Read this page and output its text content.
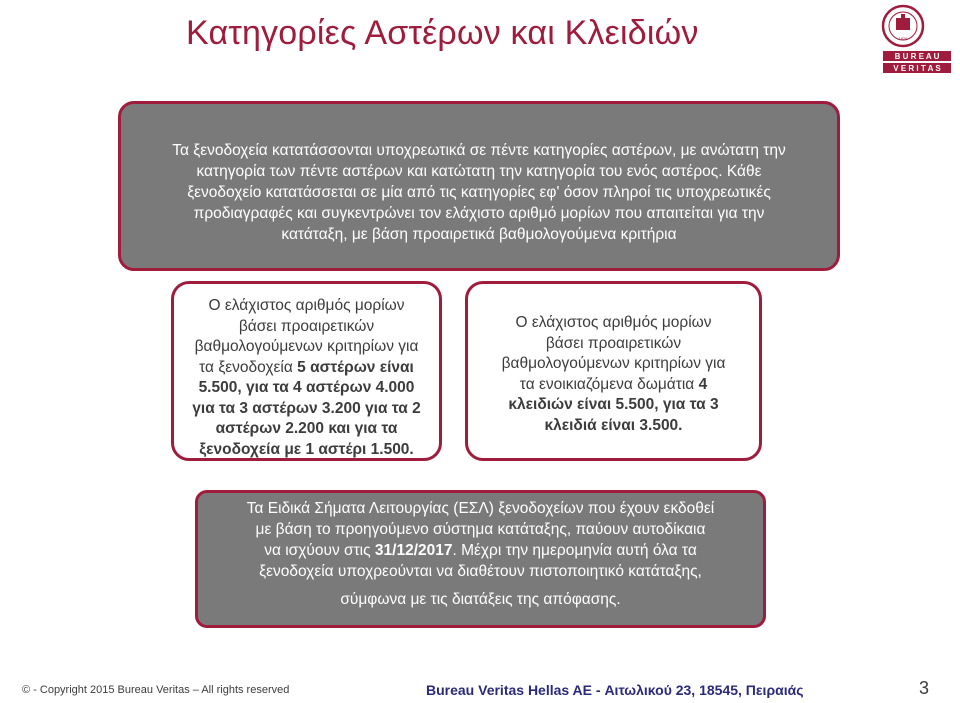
Κατηγορίες Αστέρων και Κλειδιών	1828
B U R E A U
V E R I T A S
Τα ξενοδοχεία κατατάσσονται υποχρεωτικά σε πέντε κατηγορίες αστέρων, με ανώτατη την
κατηγορία των πέντε αστέρων και κατώτατη την κατηγορία του ενός αστέρος. Κάθε
ξενοδοχείο κατατάσσεται σε μία από τις κατηγορίες εφ' όσον πληροί τις υποχρεωτικές
προδιαγραφές και συγκεντρώνει τον ελάχιστο αριθμό μορίων που απαιτείται για την
κατάταξη, με βάση προαιρετικά βαθμολογούμενα κριτήρια
Ο ελάχιστος αριθμός μορίων
βάσει προαιρετικών
βαθμολογούμενων κριτηρίων για
τα ξενοδοχεία 5 αστέρων είναι
5.500, για τα 4 αστέρων 4.000
για τα 3 αστέρων 3.200 για τα 2
αστέρων 2.200 και για τα
ξενοδοχεία με 1 αστέρι 1.500.
Ο ελάχιστος αριθμός μορίων
βάσει προαιρετικών
βαθμολογούμενων κριτηρίων για
τα ενοικιαζόμενα δωμάτια 4
κλειδιών είναι 5.500, για τα 3
κλειδιά είναι 3.500.
Τα Ειδικά Σήματα Λειτουργίας (ΕΣΛ) ξενοδοχείων που έχουν εκδοθεί
με βάση το προηγούμενο σύστημα κατάταξης, παύουν αυτοδίκαια
να ισχύουν στις 31/12/2017. Μέχρι την ημερομηνία αυτή όλα τα
ξενοδοχεία υποχρεούνται να διαθέτουν πιστοποιητικό κατάταξης,
σύμφωνα με τις διατάξεις της απόφασης.
© - Copyright 2015 Bureau Veritas – All rights reserved	Bureau Veritas Hellas AE - Αιτωλικού 23, 18545, Πειραιάς	3
